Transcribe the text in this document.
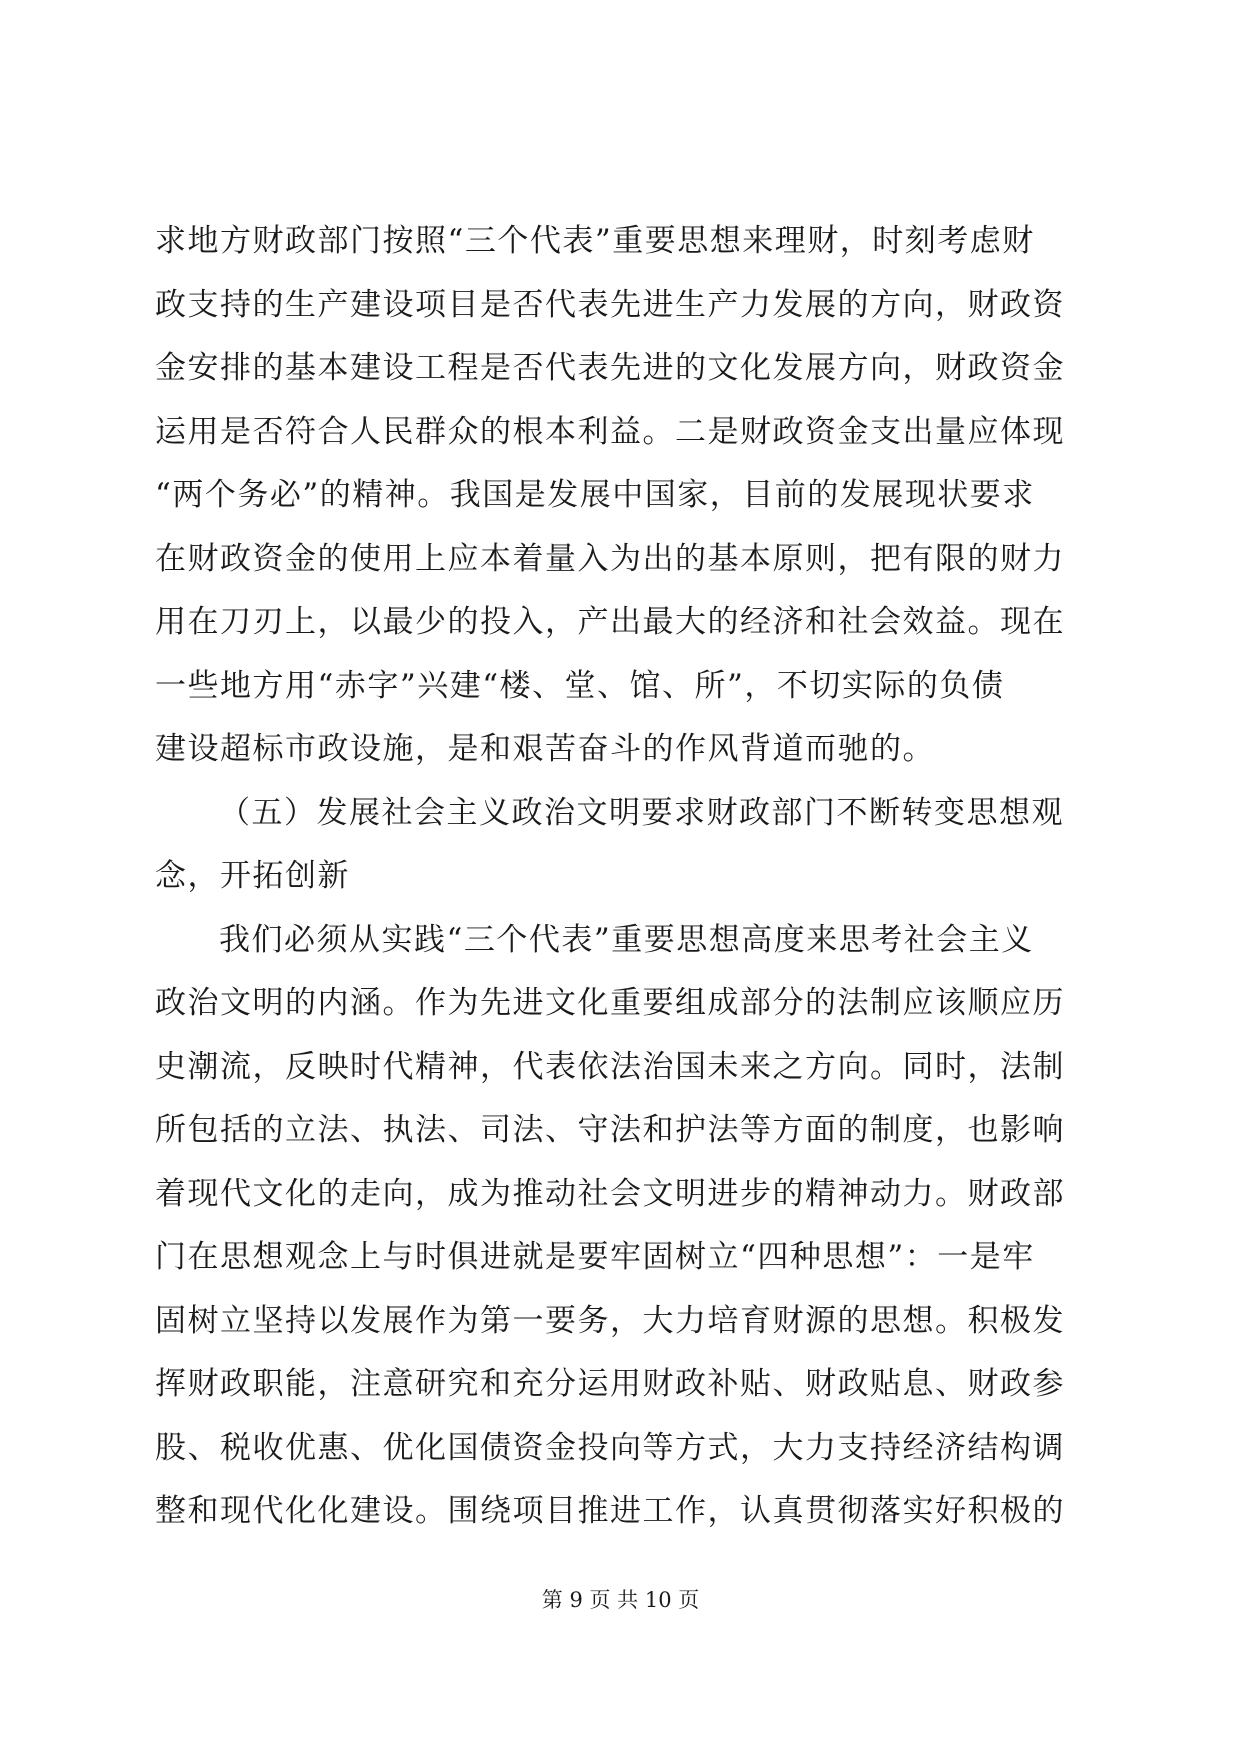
求地方财政部门按照“三个代表”重要思想来理财，时刻考虑财
政支持的生产建设项目是否代表先进生产力发展的方向，财政资
金安排的基本建设工程是否代表先进的文化发展方向，财政资金
运用是否符合人民群众的根本利益。二是财政资金支出量应体现
“两个务必”的精神。我国是发展中国家，目前的发展现状要求
在财政资金的使用上应本着量入为出的基本原则，把有限的财力
用在刀刃上，以最少的投入，产出最大的经济和社会效益。现在
一些地方用“赤字”兴建“楼、堂、馆、所”，不切实际的负债
建设超标市政设施，是和艰苦奋斗的作风背道而驰的。
（五）发展社会主义政治文明要求财政部门不断转变思想观
念，开拓创新
我们必须从实践“三个代表”重要思想高度来思考社会主义
政治文明的内涵。作为先进文化重要组成部分的法制应该顺应历
史潮流，反映时代精神，代表依法治国未来之方向。同时，法制
所包括的立法、执法、司法、守法和护法等方面的制度，也影响
着现代文化的走向，成为推动社会文明进步的精神动力。财政部
门在思想观念上与时俱进就是要牢固树立“四种思想”：一是牢
固树立坚持以发展作为第一要务，大力培育财源的思想。积极发
挥财政职能，注意研究和充分运用财政补贴、财政贴息、财政参
股、税收优惠、优化国债资金投向等方式，大力支持经济结构调
整和现代化化建设。围绕项目推进工作，认真贯彻落实好积极的
第 9 页 共 10 页
